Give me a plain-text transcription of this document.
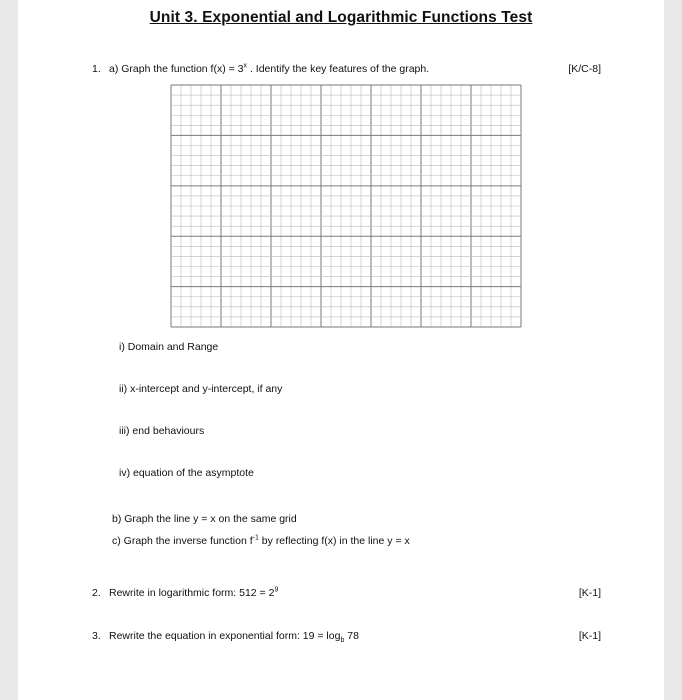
Unit 3. Exponential and Logarithmic Functions Test
1. a) Graph the function $f(x) = 3^x$ . Identify the key features of the graph.	[K/C-8]
i) Domain and Range
ii) x-intercept and y-intercept, if any
iii) end behaviours
iv) equation of the asymptote
b) Graph the line y = x on the same grid
c) Graph the inverse function $f^{-1}$ by reflecting f(x) in the line y = x
2. Rewrite in logarithmic form: $512 = 2^9$	[K-1]
3. Rewrite the equation in exponential form: $19 = \log_b 78$	[K-1]
